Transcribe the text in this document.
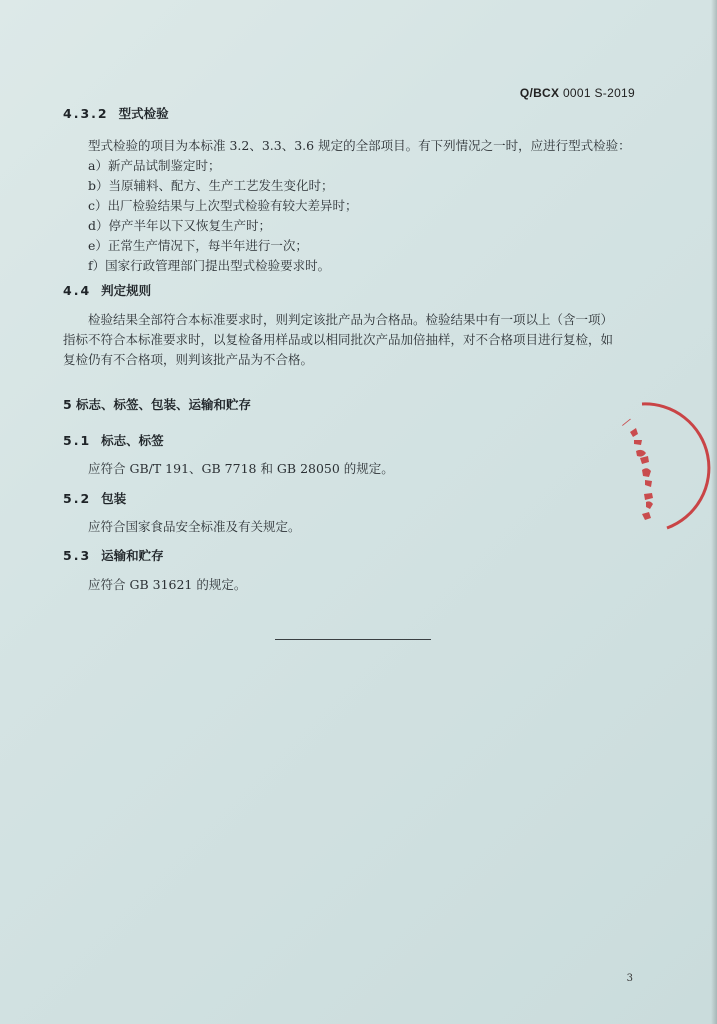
Q/BCX 0001 S-2019
4.3.2 型式检验
型式检验的项目为本标准 3.2、3.3、3.6 规定的全部项目。有下列情况之一时，应进行型式检验：
a）新产品试制鉴定时；
b）当原辅料、配方、生产工艺发生变化时；
c）出厂检验结果与上次型式检验有较大差异时；
d）停产半年以下又恢复生产时；
e）正常生产情况下，每半年进行一次；
f）国家行政管理部门提出型式检验要求时。
4.4 判定规则
检验结果全部符合本标准要求时，则判定该批产品为合格品。检验结果中有一项以上（含一项）
指标不符合本标准要求时，以复检备用样品或以相同批次产品加倍抽样，对不合格项目进行复检，如
复检仍有不合格项，则判该批产品为不合格。
5 标志、标签、包装、运输和贮存
5.1 标志、标签
应符合 GB/T 191、GB 7718 和 GB 28050 的规定。
5.2 包装
应符合国家食品安全标准及有关规定。
5.3 运输和贮存
应符合 GB 31621 的规定。
3
⁄
